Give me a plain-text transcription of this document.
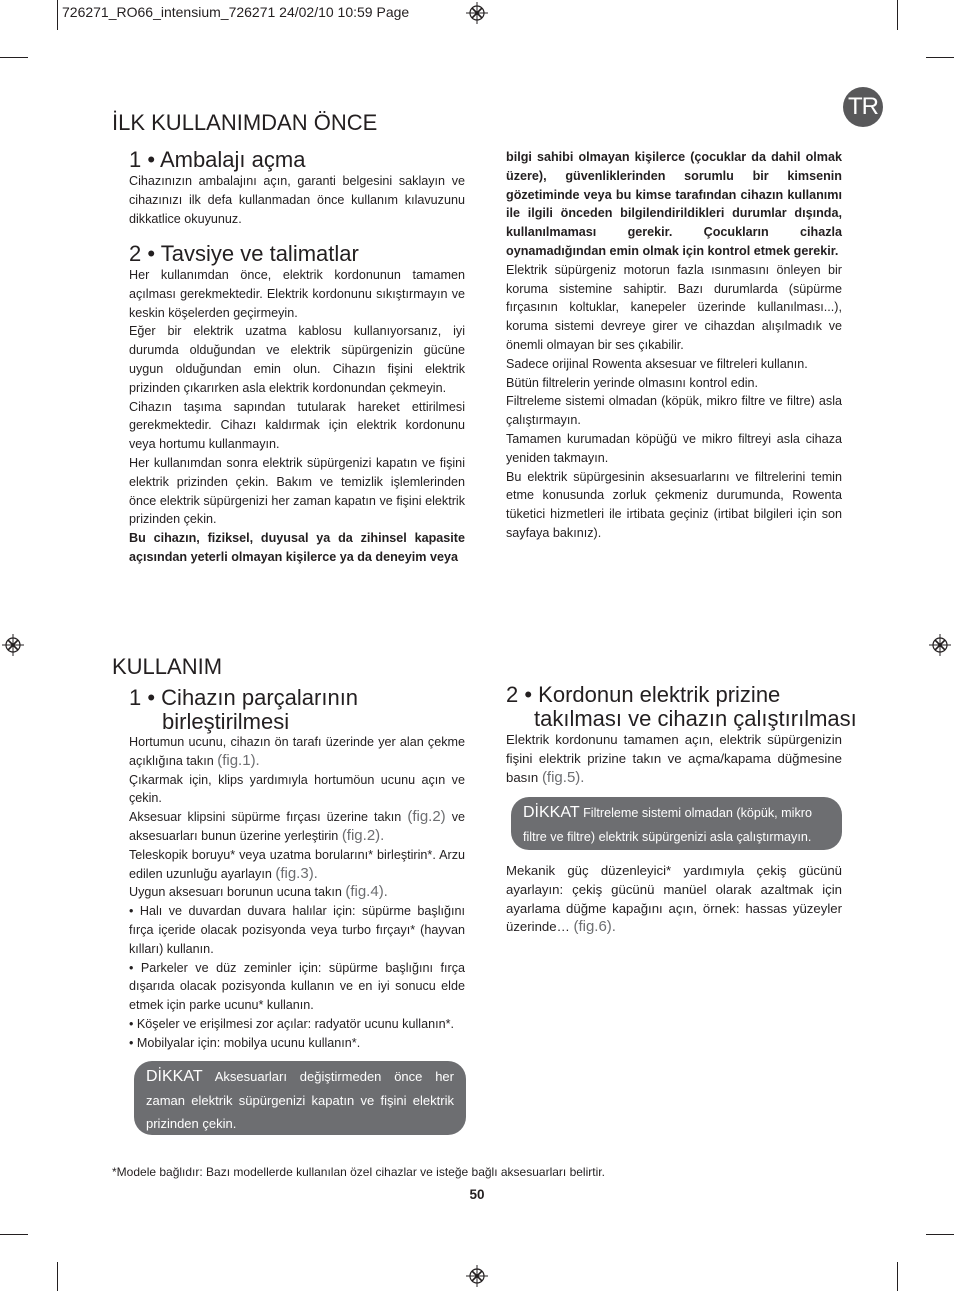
726271_RO66_intensium_726271 24/02/10 10:59 Page
TR
İLK KULLANIMDAN ÖNCE
1 • Ambalajı açma

Cihazınızın ambalajını açın, garanti belgesini saklayın ve cihazınızı ilk defa kullanmadan önce kullanım kılavuzunu dikkatlice okuyunuz.

2 • Tavsiye ve talimatlar

Her kullanımdan önce, elektrik kordonunun tamamen açılması gerekmektedir. Elektrik kordonunu sıkıştırmayın ve keskin köşelerden geçirmeyin.

Eğer bir elektrik uzatma kablosu kullanıyorsanız, iyi durumda olduğundan ve elektrik süpürgenizin gücüne uygun olduğundan emin olun. Cihazın fişini elektrik prizinden çıkarırken asla elektrik kordonundan çekmeyin.

Cihazın taşıma sapından tutularak hareket ettirilmesi gerekmektedir. Cihazı kaldırmak için elektrik kordonunu veya hortumu kullanmayın.

Her kullanımdan sonra elektrik süpürgenizi kapatın ve fişini elektrik prizinden çekin. Bakım ve temizlik işlemlerinden önce elektrik süpürgenizi her zaman kapatın ve fişini elektrik prizinden çekin.

Bu cihazın, fiziksel, duyusal ya da zihinsel kapasite açısından yeterli olmayan kişilerce ya da deneyim veya

bilgi sahibi olmayan kişilerce (çocuklar da dahil olmak üzere), güvenliklerinden sorumlu bir kimsenin gözetiminde veya bu kimse tarafından cihazın kullanımı ile ilgili önceden bilgilendirildikleri durumlar dışında, kullanılmaması gerekir. Çocukların cihazla oynamadığından emin olmak için kontrol etmek gerekir.

Elektrik süpürgeniz motorun fazla ısınmasını önleyen bir koruma sistemine sahiptir. Bazı durumlarda (süpürme fırçasının koltuklar, kanepeler üzerinde kullanılması...), koruma sistemi devreye girer ve cihazdan alışılmadık ve önemli olmayan bir ses çıkabilir.

Sadece orijinal Rowenta aksesuar ve filtreleri kullanın.

Bütün filtrelerin yerinde olmasını kontrol edin.

Filtreleme sistemi olmadan (köpük, mikro filtre ve filtre) asla çalıştırmayın.

Tamamen kurumadan köpüğü ve mikro filtreyi asla cihaza yeniden takmayın.

Bu elektrik süpürgesinin aksesuarlarını ve filtrelerini temin etme konusunda zorluk çekmeniz durumunda, Rowenta tüketici hizmetleri ile irtibata geçiniz (irtibat bilgileri için son sayfaya bakınız).

KULLANIM
1 • Cihazın parçalarının
birleştirilmesi

Hortumun ucunu, cihazın ön tarafı üzerinde yer alan çekme açıklığına takın (fig.1).

Çıkarmak için, klips yardımıyla hortumöun ucunu açın ve çekin.

Aksesuar klipsini süpürme fırçası üzerine takın (fig.2) ve aksesuarları bunun üzerine yerleştirin (fig.2).

Teleskopik boruyu* veya uzatma borularını* birleştirin*. Arzu edilen uzunluğu ayarlayın (fig.3).

Uygun aksesuarı borunun ucuna takın (fig.4).

• Halı ve duvardan duvara halılar için: süpürme başlığını fırça içeride olacak pozisyonda veya turbo fırçayı* (hayvan kılları) kullanın.

• Parkeler ve düz zeminler için: süpürme başlığını fırça dışarıda olacak pozisyonda kullanın ve en iyi sonucu elde etmek için parke ucunu* kullanın.

• Köşeler ve erişilmesi zor açılar: radyatör ucunu kullanın*.

• Mobilyalar için: mobilya ucunu kullanın*.

DİKKAT Aksesuarları değiştirmeden önce her zaman elektrik süpürgenizi kapatın ve fişini elektrik prizinden çekin.
2 • Kordonun elektrik prizine
takılması ve cihazın çalıştırılması

Elektrik kordonunu tamamen açın, elektrik süpürgenizin fişini elektrik prizine takın ve açma/kapama düğmesine basın (fig.5).

DİKKAT Filtreleme sistemi olmadan (köpük, mikro filtre ve filtre) elektrik süpürgenizi asla çalıştırmayın.

Mekanik güç düzenleyici* yardımıyla çekiş gücünü ayarlayın: çekiş gücünü manüel olarak azaltmak için ayarlama düğme kapağını açın, örnek: hassas yüzeyler üzerinde… (fig.6).

*Modele bağlıdır: Bazı modellerde kullanılan özel cihazlar ve isteğe bağlı aksesuarları belirtir.
50
